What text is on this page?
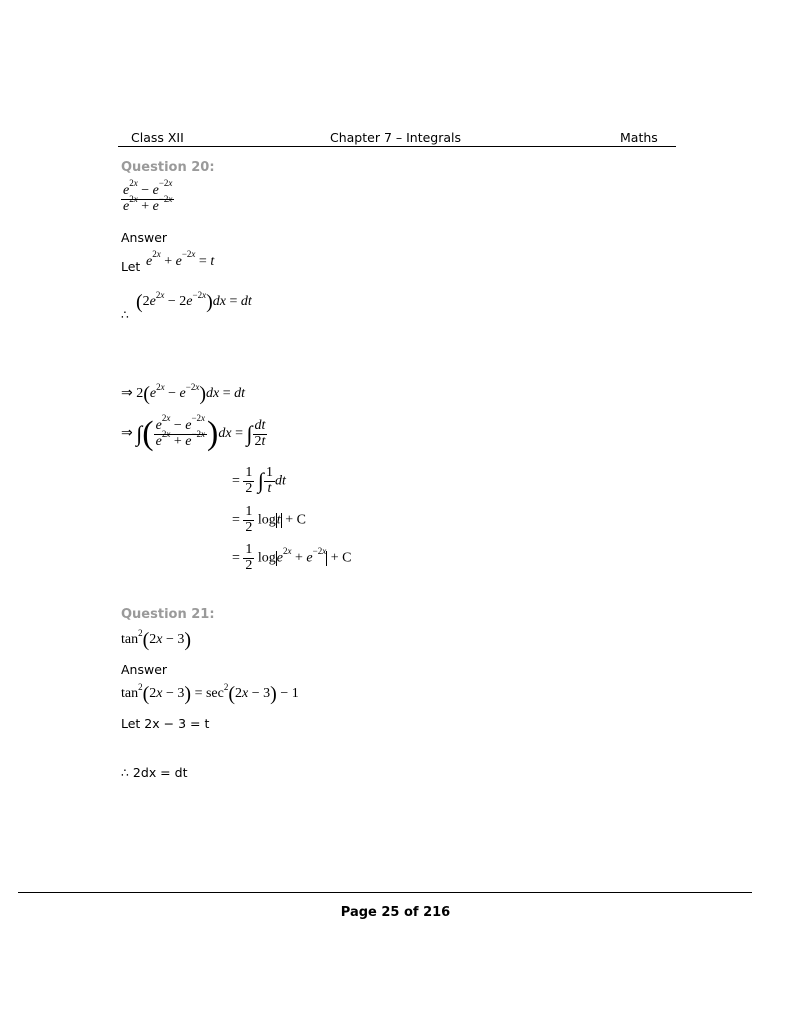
Class XII	Chapter 7 – Integrals	Maths
Question 20:
$\frac{e^{2x} - e^{-2x}}{e^{2x} + e^{-2x}}$
Answer
Let $e^{2x} + e^{-2x} = t$
∴
$(2e^{2x} - 2e^{-2x})dx$ = dt
⇒ $2(e^{2x} - e^{-2x})dx$ = dt
⇒ ∫( $\frac{e^{2x} - e^{-2x}}{e^{2x} + e^{-2x}} )dx$ = ∫ $\frac{dt}{2t}$
= $\frac{1}{2}$ ∫ $\frac{1}{t}$ dt
= $\frac{1}{2}$ logt + C
= $\frac{1}{2} \log e^{2x} + e^{-2x} + C$
Question 21:
$\tan^2(2x - 3)$
Answer
$\tan^2(2x - 3) = \sec^2(2x - 3) - 1$
Let 2x − 3 = t
∴ 2dx = dt
Page 25 of 216
